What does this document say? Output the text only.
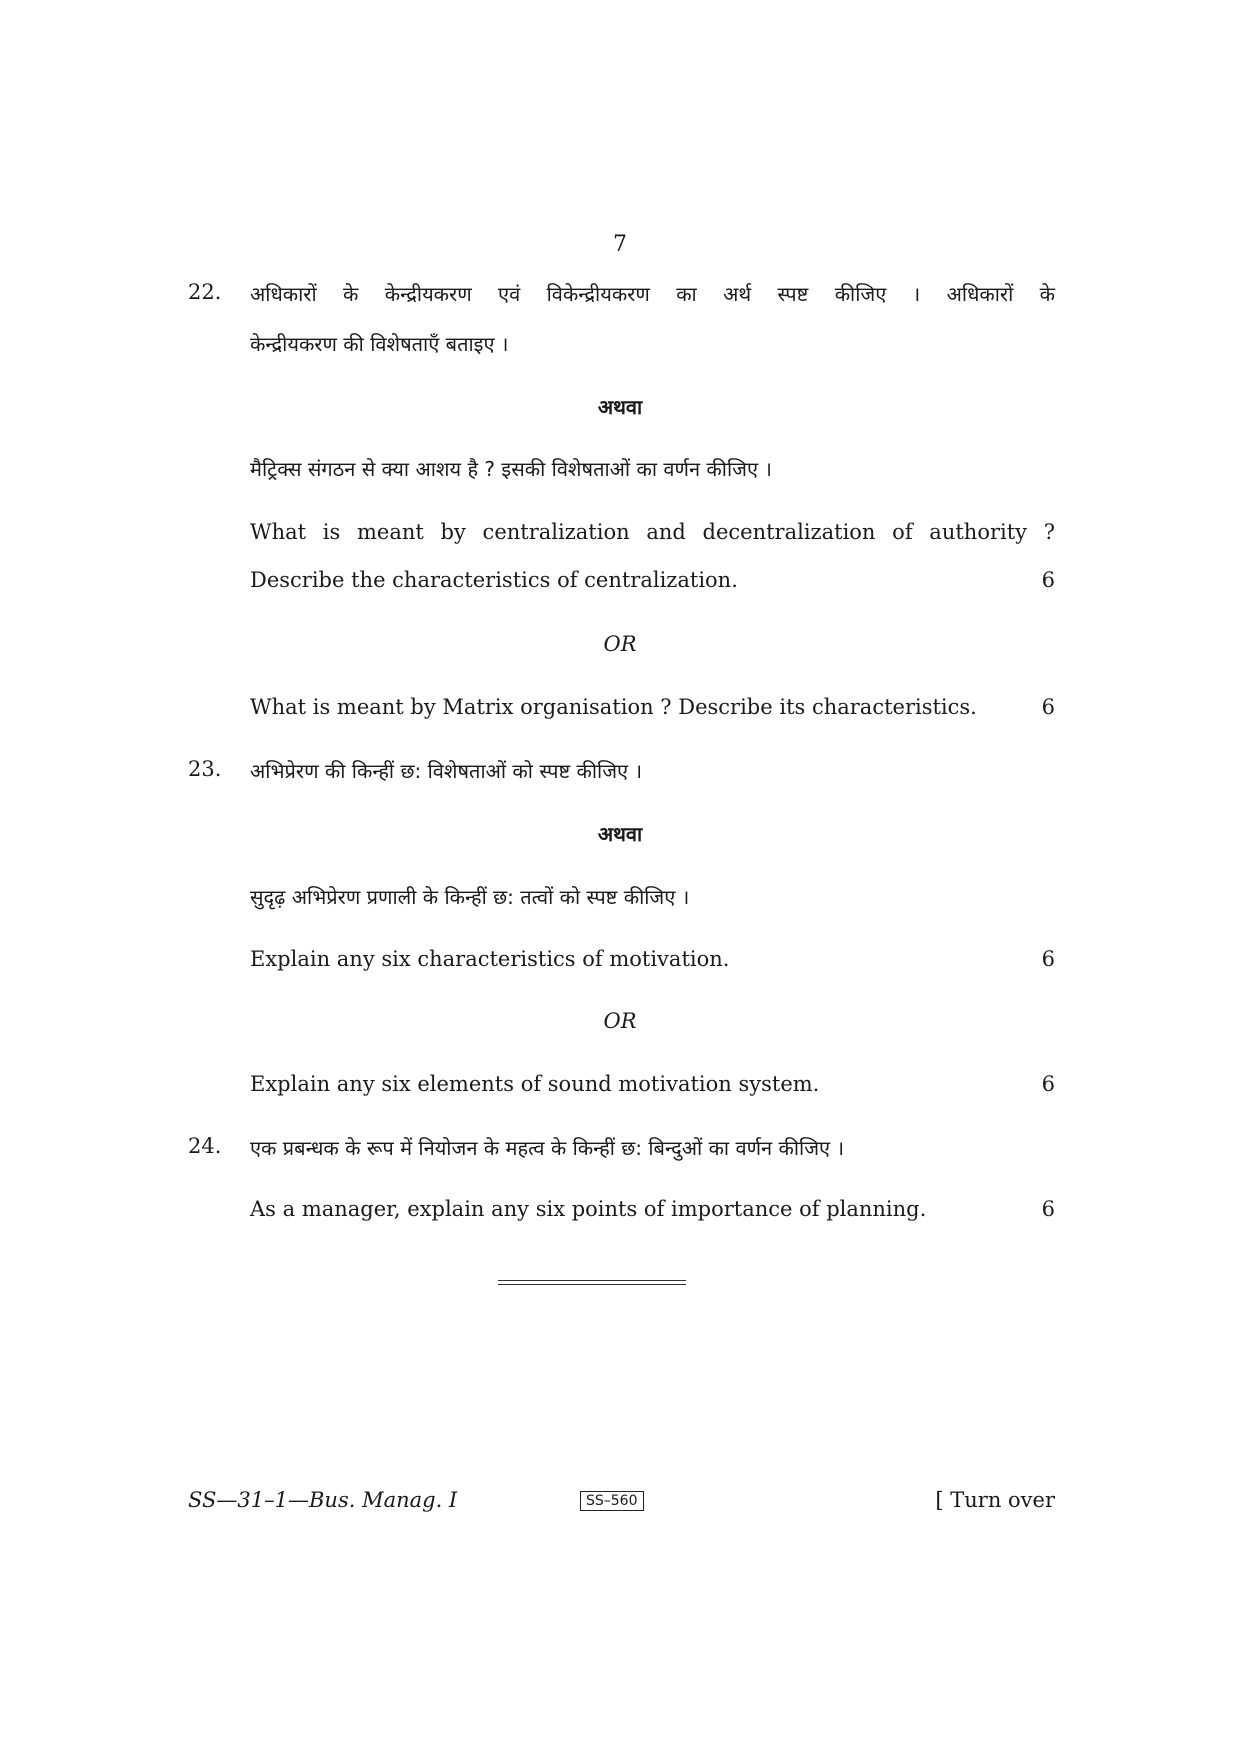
7
22. अधिकारों के केन्द्रीयकरण एवं विकेन्द्रीयकरण का अर्थ स्पष्ट कीजिए । अधिकारों के
केन्द्रीयकरण की विशेषताएँ बताइए ।
अथवा
मैट्रिक्स संगठन से क्या आशय है ? इसकी विशेषताओं का वर्णन कीजिए ।
What is meant by centralization and decentralization of authority ?
Describe the characteristics of centralization.	6
OR
What is meant by Matrix organisation ? Describe its characteristics.	6
23. अभिप्रेरण की किन्हीं छ: विशेषताओं को स्पष्ट कीजिए ।
अथवा
सुदृढ़ अभिप्रेरण प्रणाली के किन्हीं छ: तत्वों को स्पष्ट कीजिए ।
Explain any six characteristics of motivation.	6
OR
Explain any six elements of sound motivation system.	6
24. एक प्रबन्धक के रूप में नियोजन के महत्व के किन्हीं छ: बिन्दुओं का वर्णन कीजिए ।
As a manager, explain any six points of importance of planning.	6
SS—31–1—Bus. Manag. I	SS–560	[ Turn over
